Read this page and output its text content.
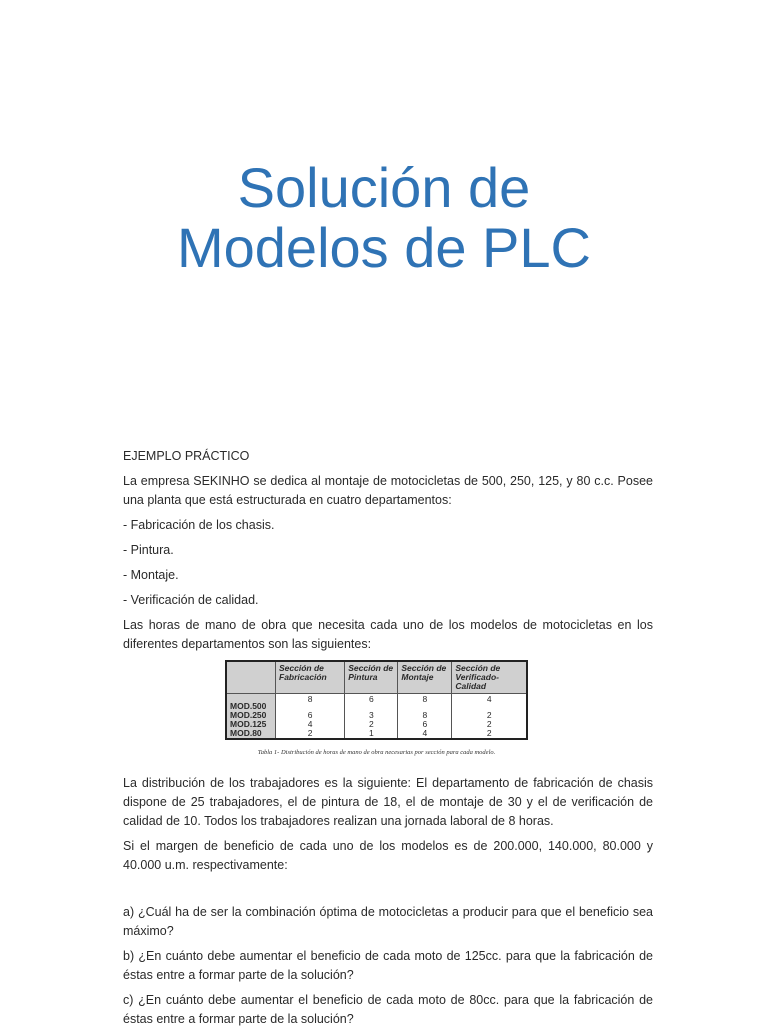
Solución de
Modelos de PLC

EJEMPLO PRÁCTICO

La empresa SEKINHO se dedica al montaje de motocicletas de 500, 250, 125, y 80 c.c. Posee una planta que está estructurada en cuatro departamentos:

- Fabricación de los chasis.

- Pintura.

- Montaje.

- Verificación de calidad.

Las horas de mano de obra que necesita cada uno de los modelos de motocicletas en los diferentes departamentos son las siguientes:

	Sección de Fabricación	Sección de Pintura	Sección de Montaje	Sección de Verificado-Calidad
MOD.500	8	6	8	4
MOD.250	6	3	8	2
MOD.125	4	2	6	2
MOD.80	2	1	4	2
Tabla 1- Distribución de horas de mano de obra necesarias por sección para cada modelo.

La distribución de los trabajadores es la siguiente: El departamento de fabricación de chasis dispone de 25 trabajadores, el de pintura de 18, el de montaje de 30 y el de verificación de calidad de 10. Todos los trabajadores realizan una jornada laboral de 8 horas.

Si el margen de beneficio de cada uno de los modelos es de 200.000, 140.000, 80.000 y 40.000 u.m. respectivamente:

a) ¿Cuál ha de ser la combinación óptima de motocicletas a producir para que el beneficio sea máximo?

b) ¿En cuánto debe aumentar el beneficio de cada moto de 125cc. para que la fabricación de éstas entre a formar parte de la solución?

c) ¿En cuánto debe aumentar el beneficio de cada moto de 80cc. para que la fabricación de éstas entre a formar parte de la solución?
